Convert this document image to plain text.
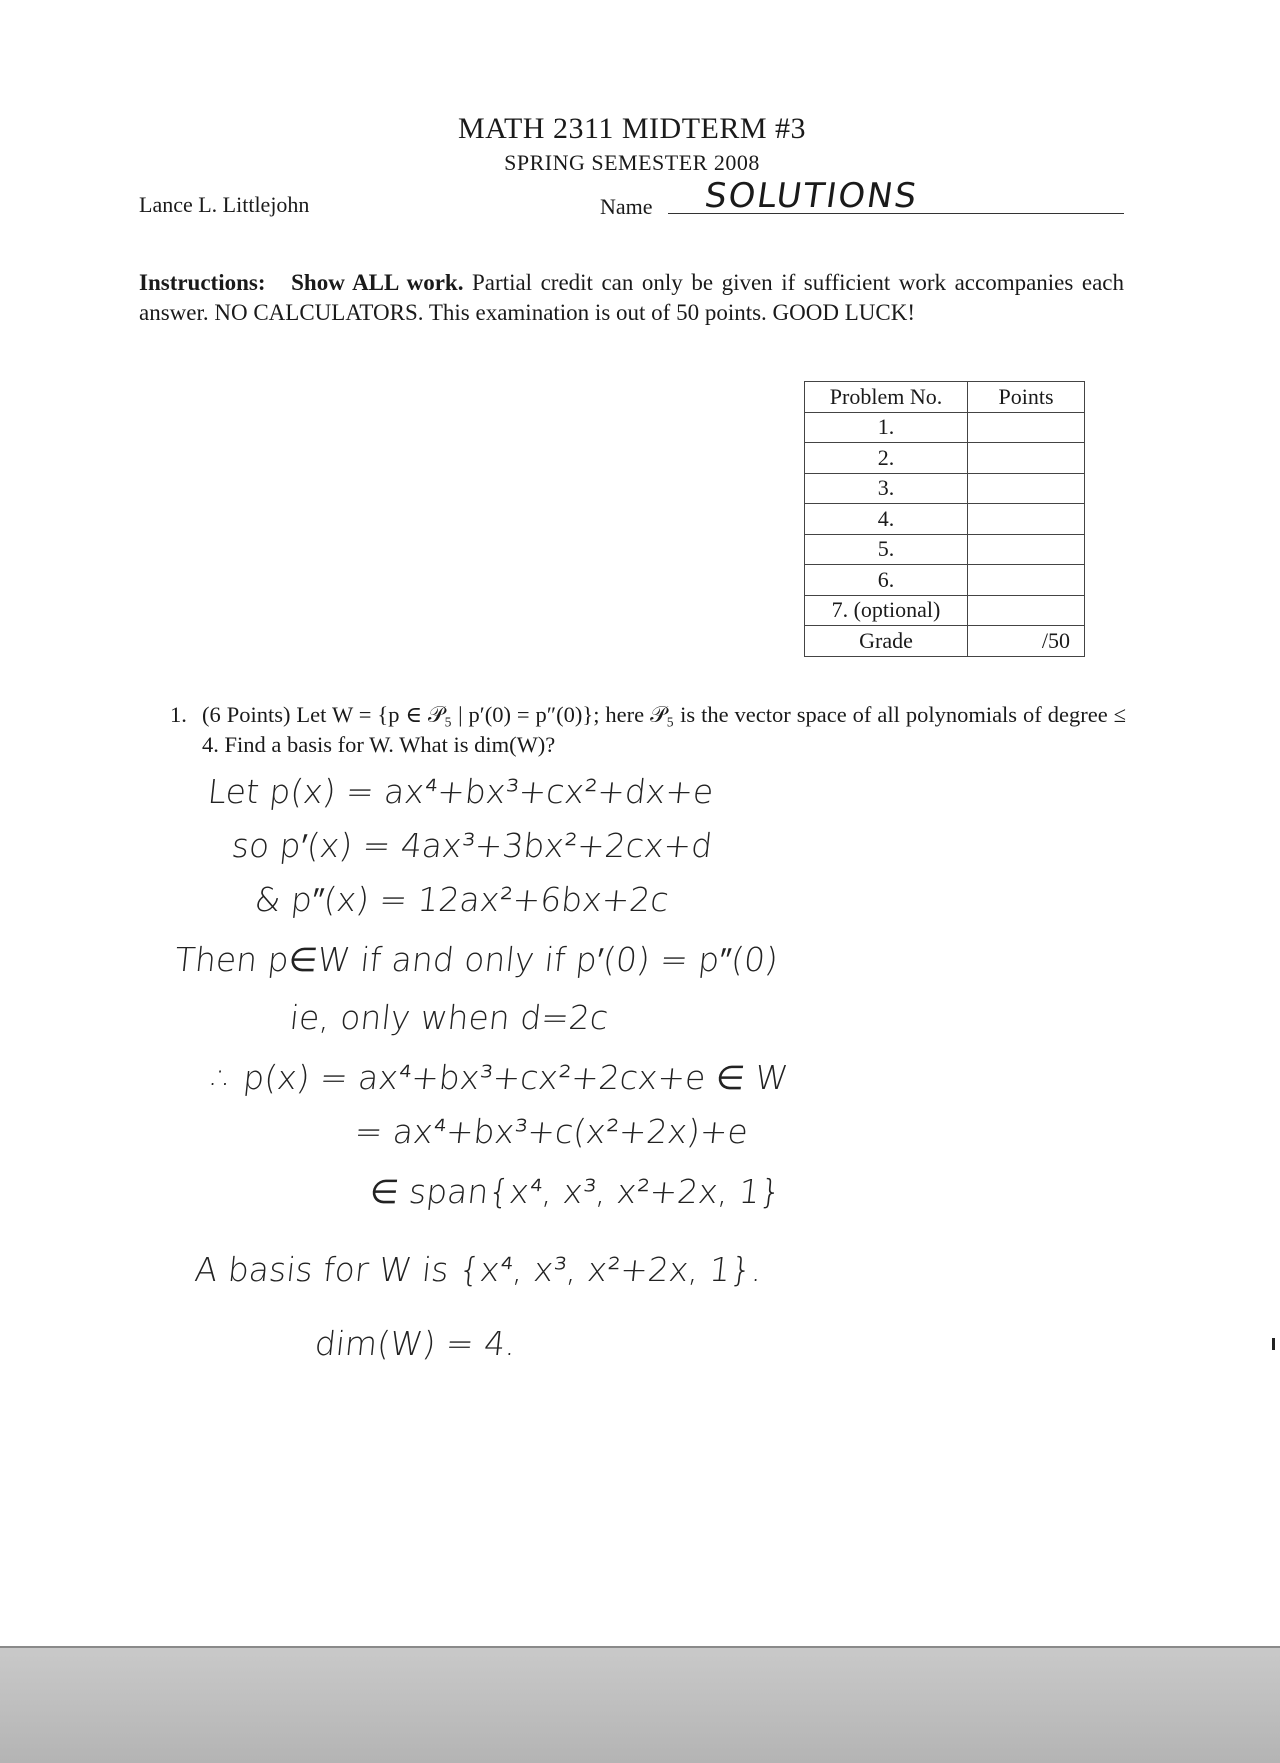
MATH 2311 MIDTERM #3
SPRING SEMESTER 2008
Lance L. Littlejohn	Name SOLUTIONS
Instructions: Show ALL work. Partial credit can only be given if sufficient work accompanies each answer. NO CALCULATORS. This examination is out of 50 points. GOOD LUCK!
Problem No.	Points
1.	
2.	
3.	
4.	
5.	
6.	
7. (optional)	
Grade	/50
1. (6 Points) Let W = {p ∈ 𝒫₅ | p′(0) = p″(0)}; here 𝒫₅ is the vector space of all polynomials of degree ≤ 4. Find a basis for W. What is dim(W)?
Let p(x) = ax⁴+bx³+cx²+dx+e
so p′(x) = 4ax³+3bx²+2cx+d
& p″(x) = 12ax²+6bx+2c
Then p∈W if and only if p′(0) = p″(0)
ie, only when d=2c
∴ p(x) = ax⁴+bx³+cx²+2cx+e ∈ W
= ax⁴+bx³+c(x²+2x)+e
∈ span{x⁴, x³, x²+2x, 1}
A basis for W is {x⁴, x³, x²+2x, 1}.
dim(W) = 4.
